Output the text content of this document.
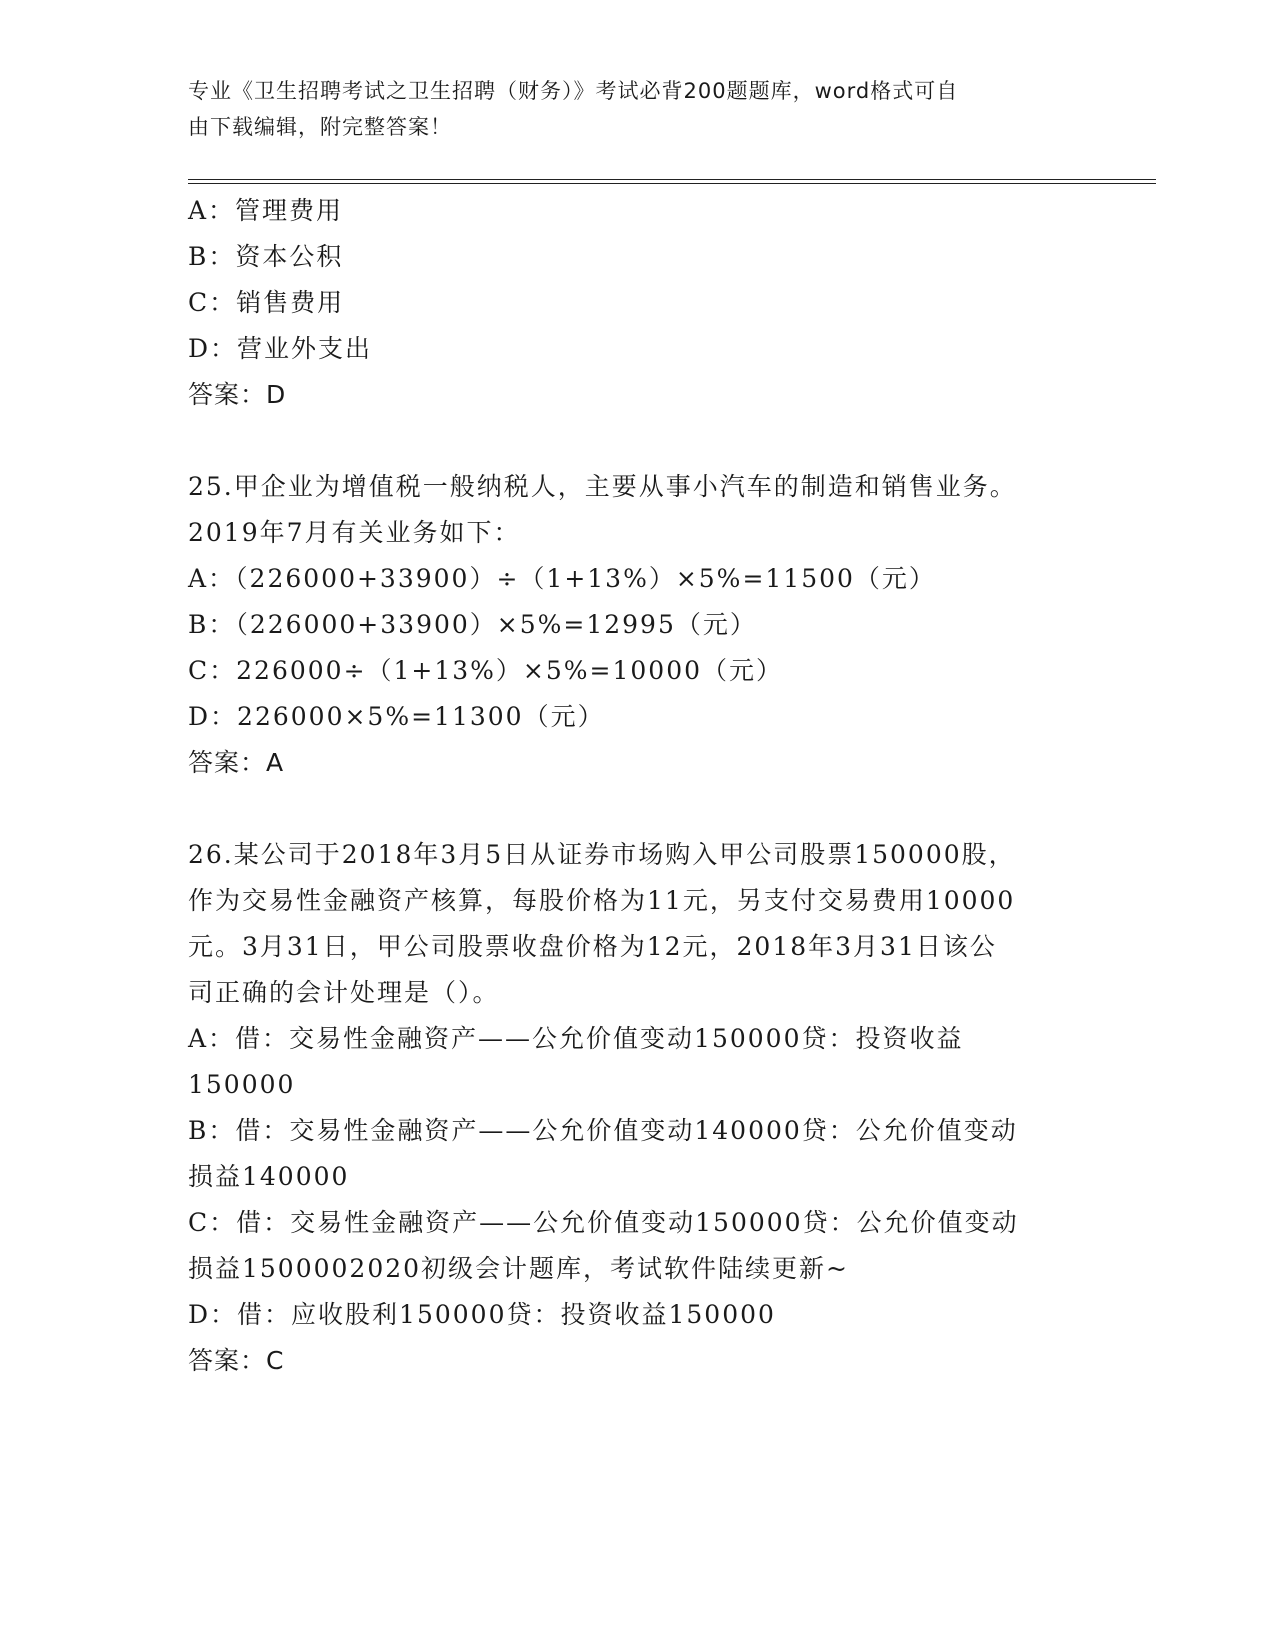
专业《卫生招聘考试之卫生招聘（财务）》考试必背200题题库，word格式可自
由下载编辑，附完整答案！
A：管理费用
B：资本公积
C：销售费用
D：营业外支出
答案：D
25.甲企业为增值税一般纳税人，主要从事小汽车的制造和销售业务。
2019年7月有关业务如下：
A：（226000+33900）÷（1+13%）×5%=11500（元）
B：（226000+33900）×5%=12995（元）
C：226000÷（1+13%）×5%=10000（元）
D：226000×5%=11300（元）
答案：A
26.某公司于2018年3月5日从证券市场购入甲公司股票150000股，
作为交易性金融资产核算，每股价格为11元，另支付交易费用10000
元。3月31日，甲公司股票收盘价格为12元，2018年3月31日该公
司正确的会计处理是（）。
A：借：交易性金融资产——公允价值变动150000贷：投资收益
150000
B：借：交易性金融资产——公允价值变动140000贷：公允价值变动
损益140000
C：借：交易性金融资产——公允价值变动150000贷：公允价值变动
损益1500002020初级会计题库，考试软件陆续更新~
D：借：应收股利150000贷：投资收益150000
答案：C
